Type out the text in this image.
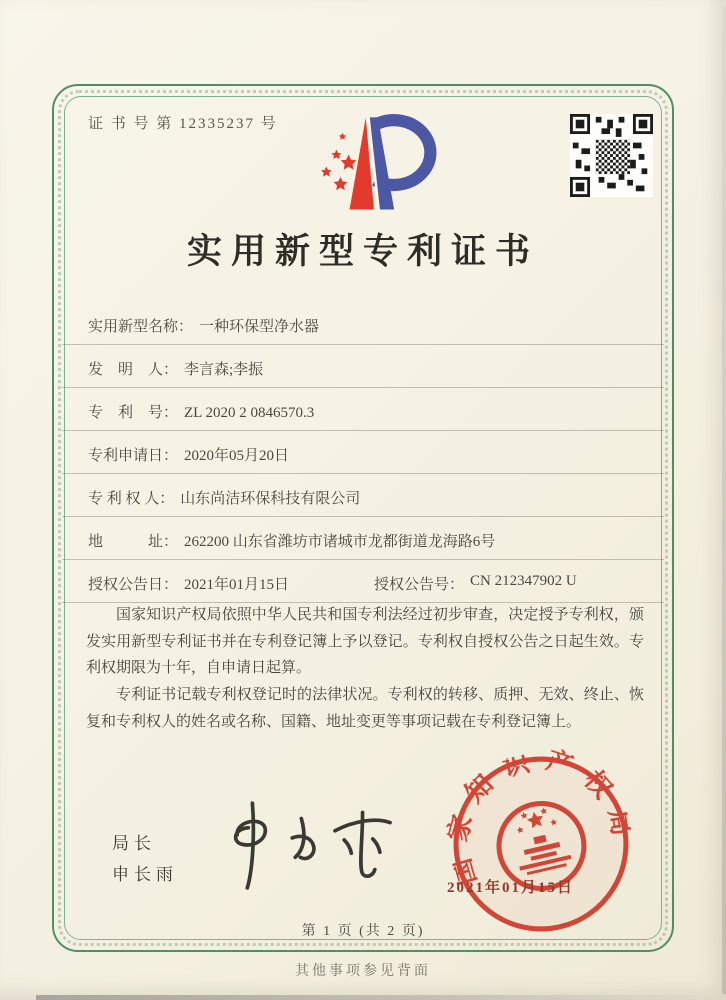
证 书 号 第 12335237 号
实用新型专利证书
实用新型名称： 一种环保型净水器
发　明　人： 李言森;李振
专　利　号： ZL 2020 2 0846570.3
专利申请日： 2020年05月20日
专 利 权 人： 山东尚洁环保科技有限公司
地　　　址： 262200 山东省潍坊市诸城市龙都街道龙海路6号
授权公告日： 2021年01月15日	授权公告号： CN 212347902 U

国家知识产权局依照中华人民共和国专利法经过初步审查，决定授予专利权，颁发实用新型专利证书并在专利登记簿上予以登记。专利权自授权公告之日起生效。专利权期限为十年，自申请日起算。

专利证书记载专利权登记时的法律状况。专利权的转移、质押、无效、终止、恢复和专利权人的姓名或名称、国籍、地址变更等事项记载在专利登记簿上。

局长
申长雨	国家知识产权局
2021年01月15日
第 1 页 (共 2 页)
其他事项参见背面
